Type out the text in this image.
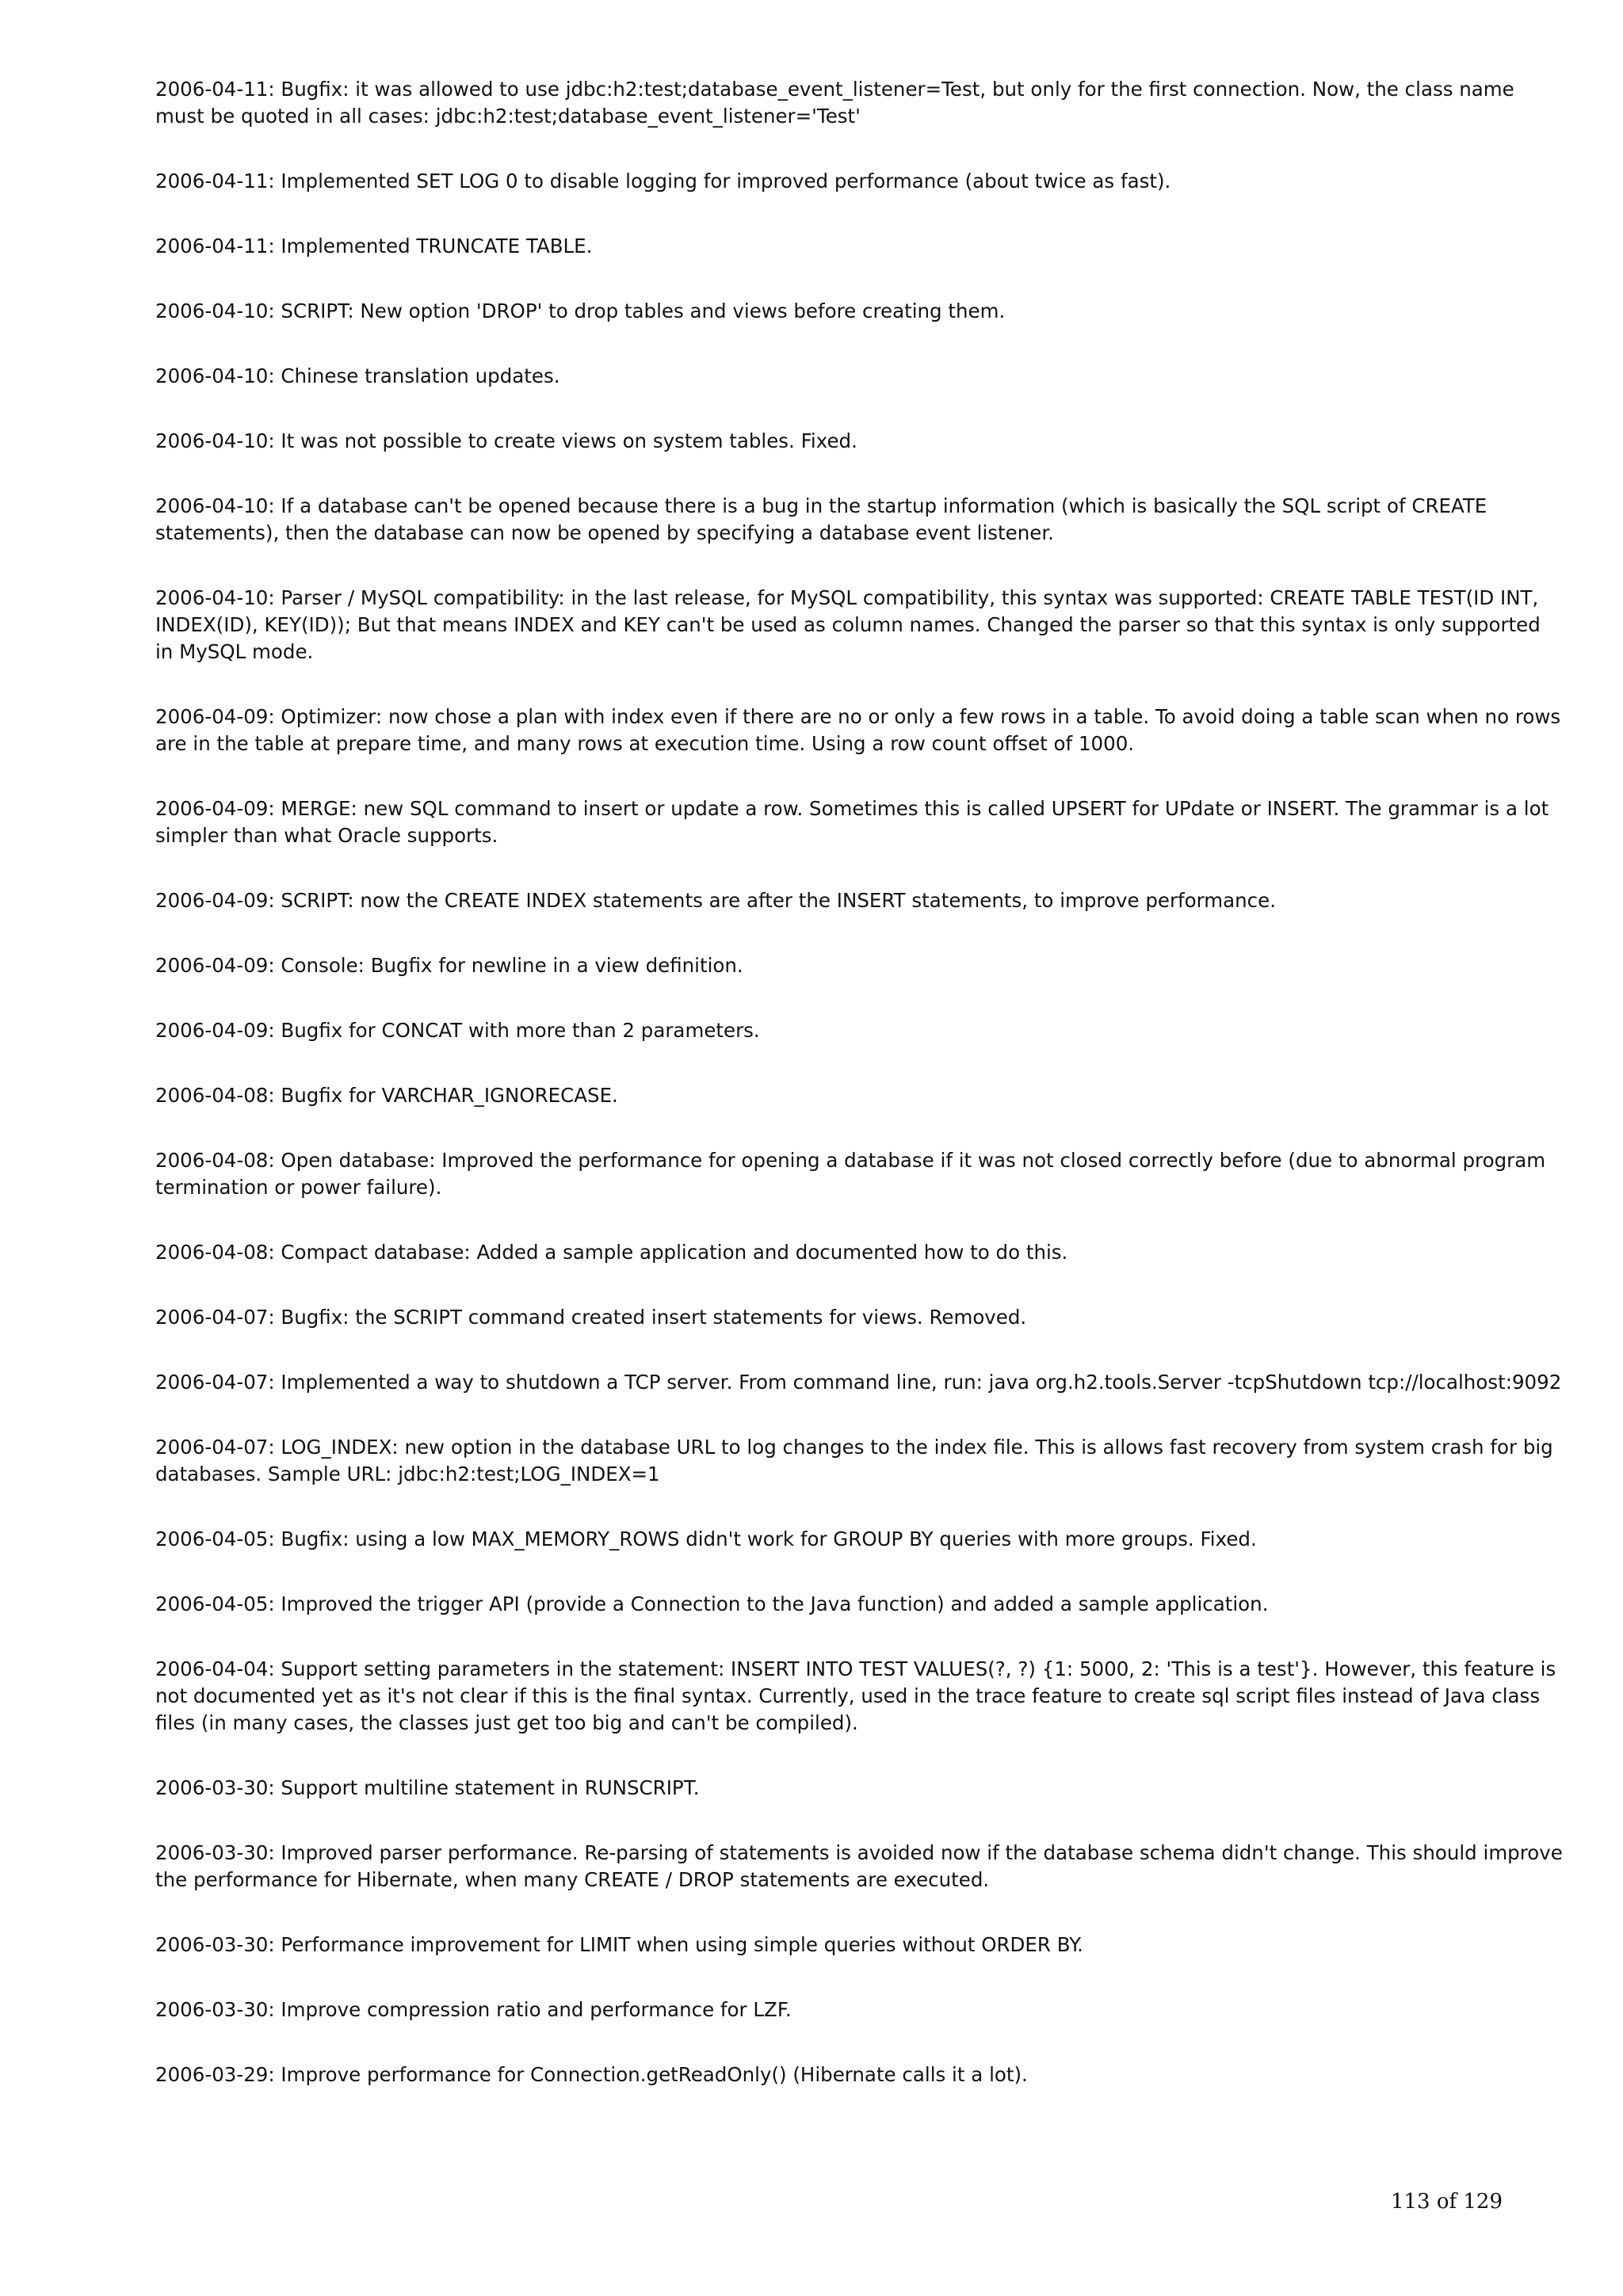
2006-04-11: Bugfix: it was allowed to use jdbc:h2:test;database_event_listener=Test, but only for the first connection. Now, the class name must be quoted in all cases: jdbc:h2:test;database_event_listener='Test'

2006-04-11: Implemented SET LOG 0 to disable logging for improved performance (about twice as fast).

2006-04-11: Implemented TRUNCATE TABLE.

2006-04-10: SCRIPT: New option 'DROP' to drop tables and views before creating them.

2006-04-10: Chinese translation updates.

2006-04-10: It was not possible to create views on system tables. Fixed.

2006-04-10: If a database can't be opened because there is a bug in the startup information (which is basically the SQL script of CREATE statements), then the database can now be opened by specifying a database event listener.

2006-04-10: Parser / MySQL compatibility: in the last release, for MySQL compatibility, this syntax was supported: CREATE TABLE TEST(ID INT, INDEX(ID), KEY(ID)); But that means INDEX and KEY can't be used as column names. Changed the parser so that this syntax is only supported in MySQL mode.

2006-04-09: Optimizer: now chose a plan with index even if there are no or only a few rows in a table. To avoid doing a table scan when no rows are in the table at prepare time, and many rows at execution time. Using a row count offset of 1000.

2006-04-09: MERGE: new SQL command to insert or update a row. Sometimes this is called UPSERT for UPdate or INSERT. The grammar is a lot simpler than what Oracle supports.

2006-04-09: SCRIPT: now the CREATE INDEX statements are after the INSERT statements, to improve performance.

2006-04-09: Console: Bugfix for newline in a view definition.

2006-04-09: Bugfix for CONCAT with more than 2 parameters.

2006-04-08: Bugfix for VARCHAR_IGNORECASE.

2006-04-08: Open database: Improved the performance for opening a database if it was not closed correctly before (due to abnormal program termination or power failure).

2006-04-08: Compact database: Added a sample application and documented how to do this.

2006-04-07: Bugfix: the SCRIPT command created insert statements for views. Removed.

2006-04-07: Implemented a way to shutdown a TCP server. From command line, run: java org.h2.tools.Server -tcpShutdown tcp://localhost:9092

2006-04-07: LOG_INDEX: new option in the database URL to log changes to the index file. This is allows fast recovery from system crash for big databases. Sample URL: jdbc:h2:test;LOG_INDEX=1

2006-04-05: Bugfix: using a low MAX_MEMORY_ROWS didn't work for GROUP BY queries with more groups. Fixed.

2006-04-05: Improved the trigger API (provide a Connection to the Java function) and added a sample application.

2006-04-04: Support setting parameters in the statement: INSERT INTO TEST VALUES(?, ?) {1: 5000, 2: 'This is a test'}. However, this feature is not documented yet as it's not clear if this is the final syntax. Currently, used in the trace feature to create sql script files instead of Java class files (in many cases, the classes just get too big and can't be compiled).

2006-03-30: Support multiline statement in RUNSCRIPT.

2006-03-30: Improved parser performance. Re-parsing of statements is avoided now if the database schema didn't change. This should improve the performance for Hibernate, when many CREATE / DROP statements are executed.

2006-03-30: Performance improvement for LIMIT when using simple queries without ORDER BY.

2006-03-30: Improve compression ratio and performance for LZF.

2006-03-29: Improve performance for Connection.getReadOnly() (Hibernate calls it a lot).

113 of 129
